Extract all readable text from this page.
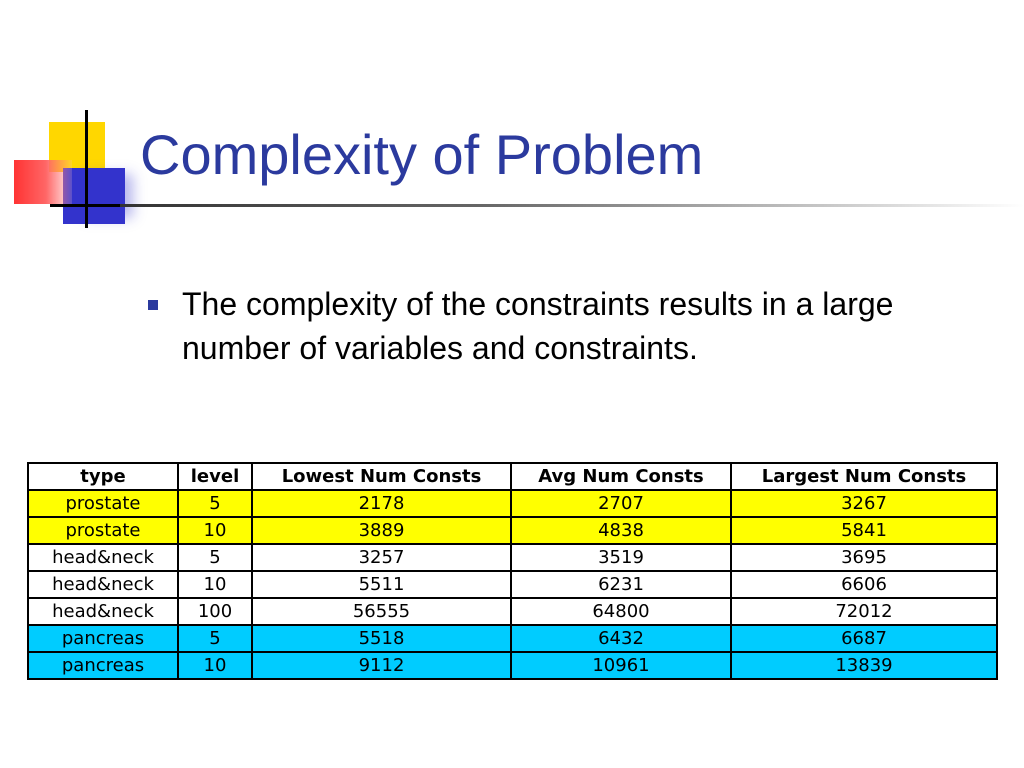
Complexity of Problem

The complexity of the constraints results in a large number of variables and constraints.

type	level	Lowest Num Consts	Avg Num Consts	Largest Num Consts
prostate	5	2178	2707	3267
prostate	10	3889	4838	5841
head&neck	5	3257	3519	3695
head&neck	10	5511	6231	6606
head&neck	100	56555	64800	72012
pancreas	5	5518	6432	6687
pancreas	10	9112	10961	13839
